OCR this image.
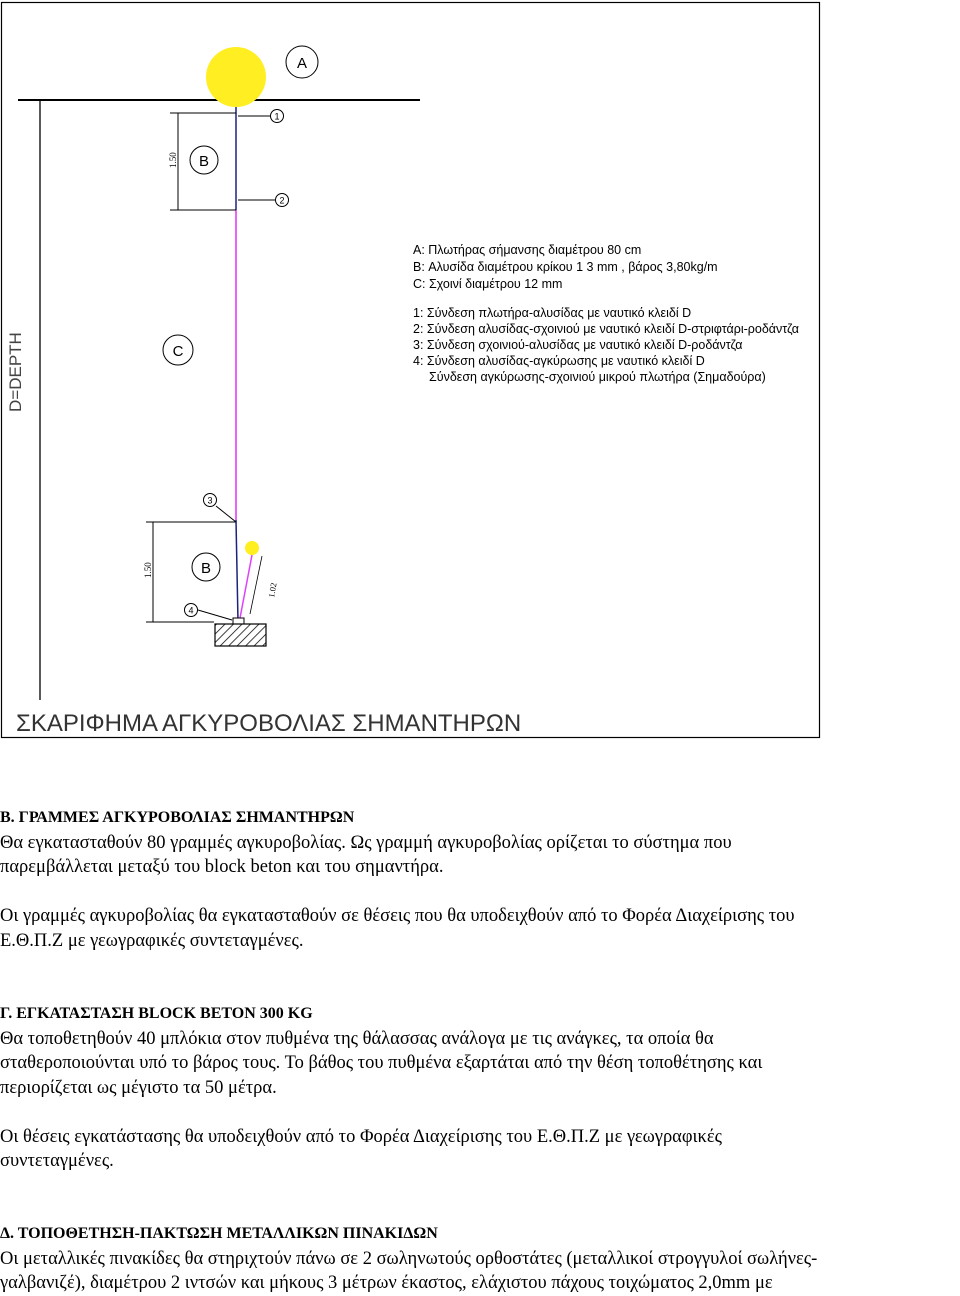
D=DEPTH
A
1
2
1.50 B
C
3
1.02
1.50	B
4
A: Πλωτήρας σήμανσης διαμέτρου 80 cm
B: Αλυσίδα διαμέτρου κρίκου 1 3 mm , βάρος 3,80kg/m
C: Σχοινί διαμέτρου 12 mm
1: Σύνδεση πλωτήρα-αλυσίδας με ναυτικό κλειδί D
2: Σύνδεση αλυσίδας-σχοινιού με ναυτικό κλειδί D-στριφτάρι-ροδάντζα
3: Σύνδεση σχοινιού-αλυσίδας με ναυτικό κλειδί D-ροδάντζα
4: Σύνδεση αλυσίδας-αγκύρωσης με ναυτικό κλειδί D
Σύνδεση αγκύρωσης-σχοινιού μικρού πλωτήρα (Σημαδούρα)
ΣΚΑΡΙΦΗΜΑ ΑΓΚΥΡΟΒΟΛΙΑΣ ΣΗΜΑΝΤΗΡΩΝ
Β. ΓΡΑΜΜΕΣ ΑΓΚΥΡΟΒΟΛΙΑΣ ΣΗΜΑΝΤΗΡΩΝ
Θα εγκατασταθούν 80 γραμμές αγκυροβολίας. Ως γραμμή αγκυροβολίας ορίζεται το σύστημα που
παρεμβάλλεται μεταξύ του block beton και του σημαντήρα.
Οι γραμμές αγκυροβολίας θα εγκατασταθούν σε θέσεις που θα υποδειχθούν από το Φορέα Διαχείρισης του
Ε.Θ.Π.Ζ με γεωγραφικές συντεταγμένες.
Γ. ΕΓΚΑΤΑΣΤΑΣΗ BLOCK BETON 300 KG
Θα τοποθετηθούν 40 μπλόκια στον πυθμένα της θάλασσας ανάλογα με τις ανάγκες, τα οποία θα
σταθεροποιούνται υπό το βάρος τους. Το βάθος του πυθμένα εξαρτάται από την θέση τοποθέτησης και
περιορίζεται ως μέγιστο τα 50 μέτρα.
Οι θέσεις εγκατάστασης θα υποδειχθούν από το Φορέα Διαχείρισης του Ε.Θ.Π.Ζ με γεωγραφικές
συντεταγμένες.
Δ. ΤΟΠΟΘΕΤΗΣΗ-ΠΑΚΤΩΣΗ ΜΕΤΑΛΛΙΚΩΝ ΠΙΝΑΚΙΔΩΝ
Οι μεταλλικές πινακίδες θα στηριχτούν πάνω σε 2 σωληνωτούς ορθοστάτες (μεταλλικοί στρογγυλοί σωλήνες-
γαλβανιζέ), διαμέτρου 2 ιντσών και μήκους 3 μέτρων έκαστος, ελάχιστου πάχους τοιχώματος 2,0mm με
